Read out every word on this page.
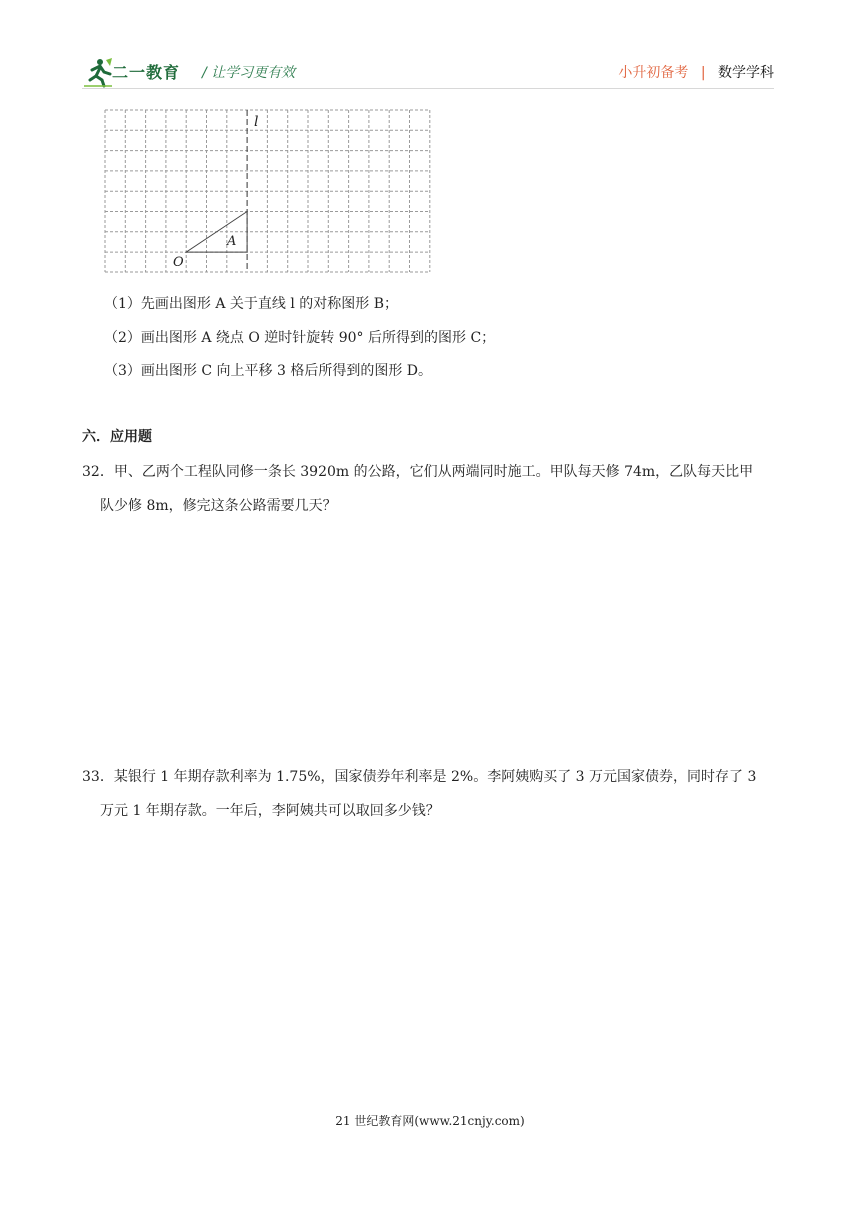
二一教育 / 让学习更有效	小升初备考 | 数学学科
l
O
A
（1）先画出图形 A 关于直线 l 的对称图形 B；
（2）画出图形 A 绕点 O 逆时针旋转 90° 后所得到的图形 C；
（3）画出图形 C 向上平移 3 格后所得到的图形 D。
六．应用题
32．甲、乙两个工程队同修一条长 3920m 的公路，它们从两端同时施工。甲队每天修 74m，乙队每天比甲
队少修 8m，修完这条公路需要几天？
33．某银行 1 年期存款利率为 1.75%，国家债券年利率是 2%。李阿姨购买了 3 万元国家债券，同时存了 3
万元 1 年期存款。一年后，李阿姨共可以取回多少钱？
21 世纪教育网(www.21cnjy.com)
